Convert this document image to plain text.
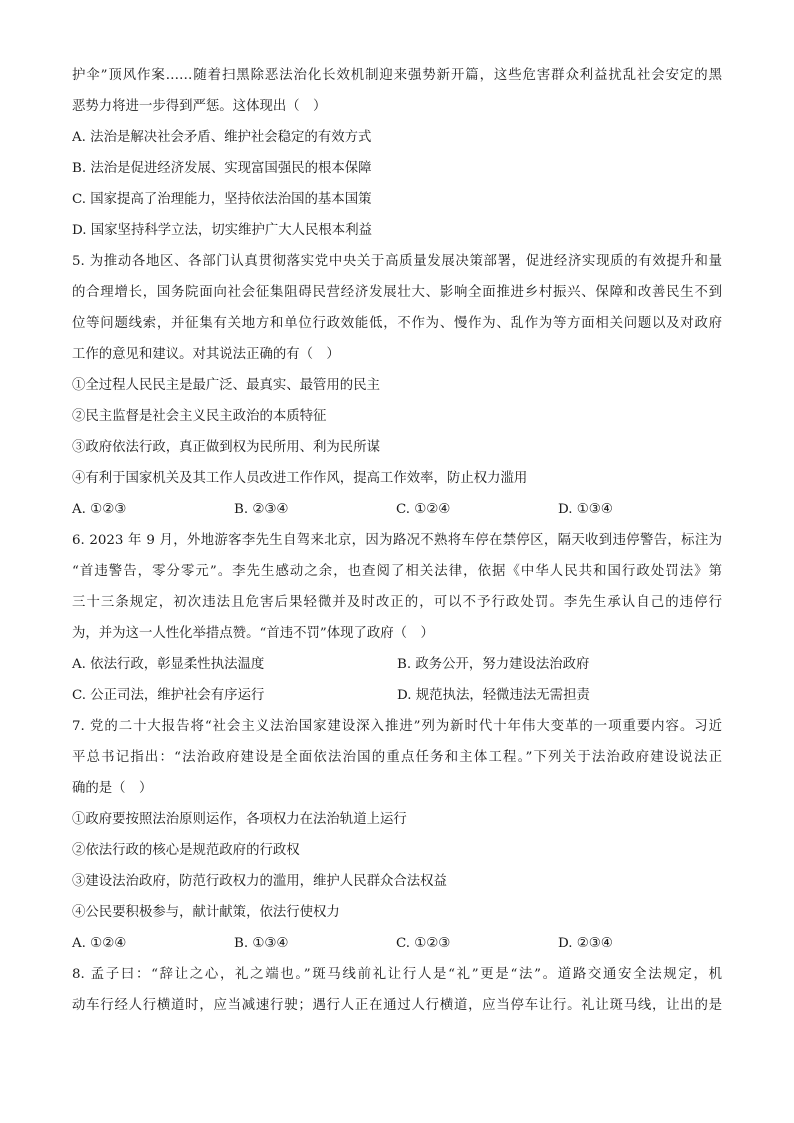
护伞”顶风作案……随着扫黑除恶法治化长效机制迎来强势新开篇，这些危害群众利益扰乱社会安定的黑
恶势力将进一步得到严惩。这体现出（　）
A. 法治是解决社会矛盾、维护社会稳定的有效方式
B. 法治是促进经济发展、实现富国强民的根本保障
C. 国家提高了治理能力，坚持依法治国的基本国策
D. 国家坚持科学立法，切实维护广大人民根本利益
5. 为推动各地区、各部门认真贯彻落实党中央关于高质量发展决策部署，促进经济实现质的有效提升和量
的合理增长，国务院面向社会征集阻碍民营经济发展壮大、影响全面推进乡村振兴、保障和改善民生不到
位等问题线索，并征集有关地方和单位行政效能低，不作为、慢作为、乱作为等方面相关问题以及对政府
工作的意见和建议。对其说法正确的有（　）
①全过程人民民主是最广泛、最真实、最管用的民主
②民主监督是社会主义民主政治的本质特征
③政府依法行政，真正做到权为民所用、利为民所谋
④有利于国家机关及其工作人员改进工作作风，提高工作效率，防止权力滥用
A. ①②③	B. ②③④	C. ①②④	D. ①③④
6. 2023 年 9 月，外地游客李先生自驾来北京，因为路况不熟将车停在禁停区，隔天收到违停警告，标注为
“首违警告，零分零元”。李先生感动之余，也查阅了相关法律，依据《中华人民共和国行政处罚法》第
三十三条规定，初次违法且危害后果轻微并及时改正的，可以不予行政处罚。李先生承认自己的违停行
为，并为这一人性化举措点赞。“首违不罚”体现了政府（　）
A. 依法行政，彰显柔性执法温度	B. 政务公开，努力建设法治政府
C. 公正司法，维护社会有序运行	D. 规范执法，轻微违法无需担责
7. 党的二十大报告将“社会主义法治国家建设深入推进”列为新时代十年伟大变革的一项重要内容。习近
平总书记指出：“法治政府建设是全面依法治国的重点任务和主体工程。”下列关于法治政府建设说法正
确的是（　）
①政府要按照法治原则运作，各项权力在法治轨道上运行
②依法行政的核心是规范政府的行政权
③建设法治政府，防范行政权力的滥用，维护人民群众合法权益
④公民要积极参与，献计献策，依法行使权力
A. ①②④	B. ①③④	C. ①②③	D. ②③④
8. 孟子曰：“辞让之心，礼之端也。”斑马线前礼让行人是“礼”更是“法”。道路交通安全法规定，机
动车行经人行横道时，应当减速行驶；遇行人正在通过人行横道，应当停车让行。礼让斑马线，让出的是
